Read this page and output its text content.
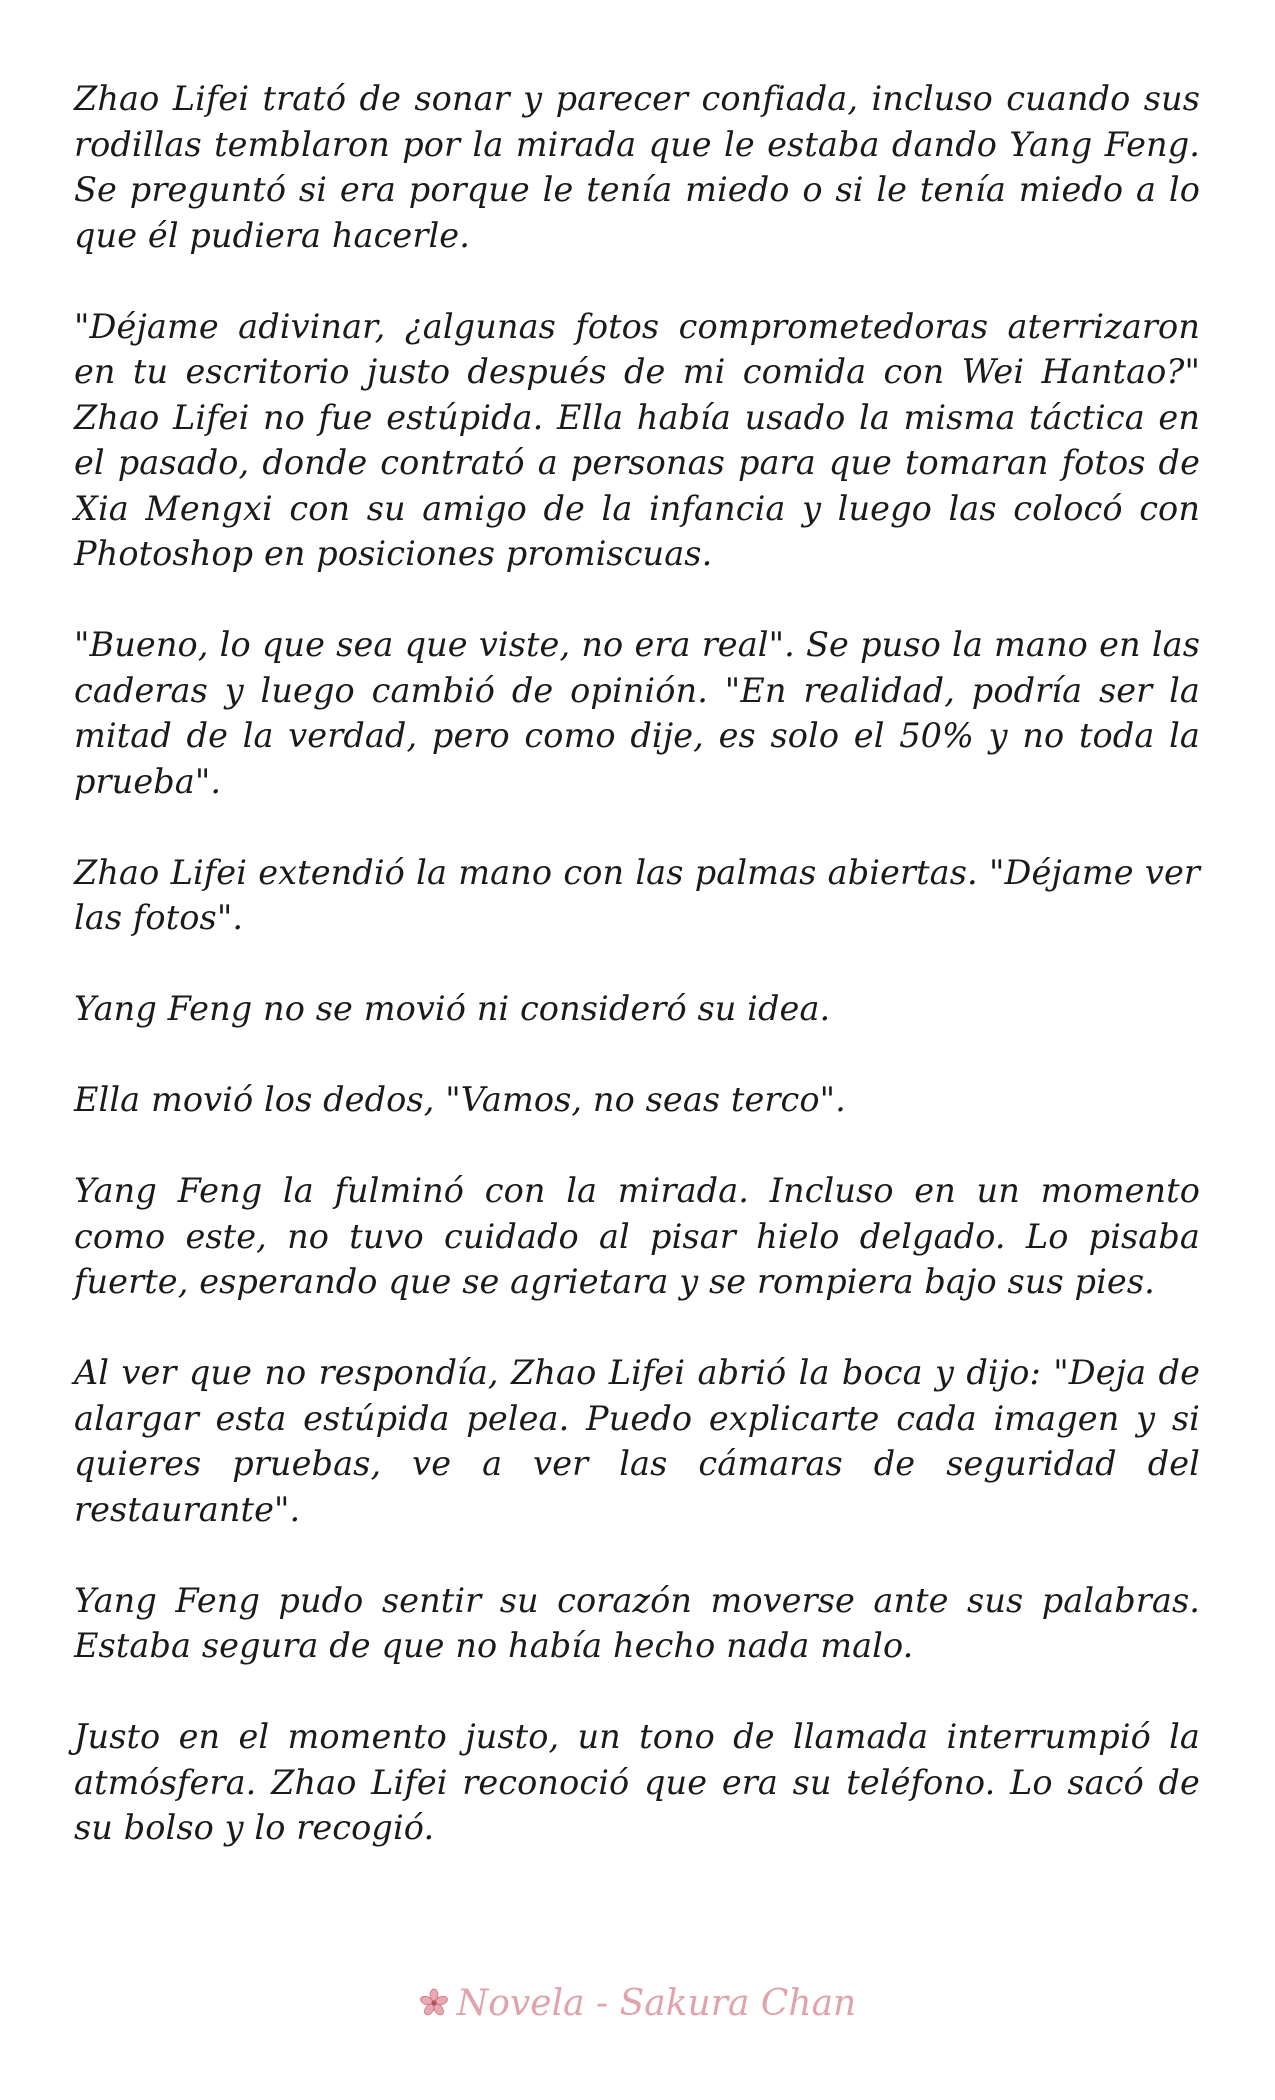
Zhao Lifei trató de sonar y parecer confiada, incluso cuando sus rodillas temblaron por la mirada que le estaba dando Yang Feng. Se preguntó si era porque le tenía miedo o si le tenía miedo a lo que él pudiera hacerle.

"Déjame adivinar, ¿algunas fotos comprometedoras aterrizaron en tu escritorio justo después de mi comida con Wei Hantao?" Zhao Lifei no fue estúpida. Ella había usado la misma táctica en el pasado, donde contrató a personas para que tomaran fotos de Xia Mengxi con su amigo de la infancia y luego las colocó con Photoshop en posiciones promiscuas.

"Bueno, lo que sea que viste, no era real". Se puso la mano en las caderas y luego cambió de opinión. "En realidad, podría ser la mitad de la verdad, pero como dije, es solo el 50% y no toda la prueba".

Zhao Lifei extendió la mano con las palmas abiertas. "Déjame ver las fotos".

Yang Feng no se movió ni consideró su idea.

Ella movió los dedos, "Vamos, no seas terco".

Yang Feng la fulminó con la mirada. Incluso en un momento como este, no tuvo cuidado al pisar hielo delgado. Lo pisaba fuerte, esperando que se agrietara y se rompiera bajo sus pies.

Al ver que no respondía, Zhao Lifei abrió la boca y dijo: "Deja de alargar esta estúpida pelea. Puedo explicarte cada imagen y si quieres pruebas, ve a ver las cámaras de seguridad del restaurante".

Yang Feng pudo sentir su corazón moverse ante sus palabras. Estaba segura de que no había hecho nada malo.

Justo en el momento justo, un tono de llamada interrumpió la atmósfera. Zhao Lifei reconoció que era su teléfono. Lo sacó de su bolso y lo recogió.

Novela - Sakura Chan
